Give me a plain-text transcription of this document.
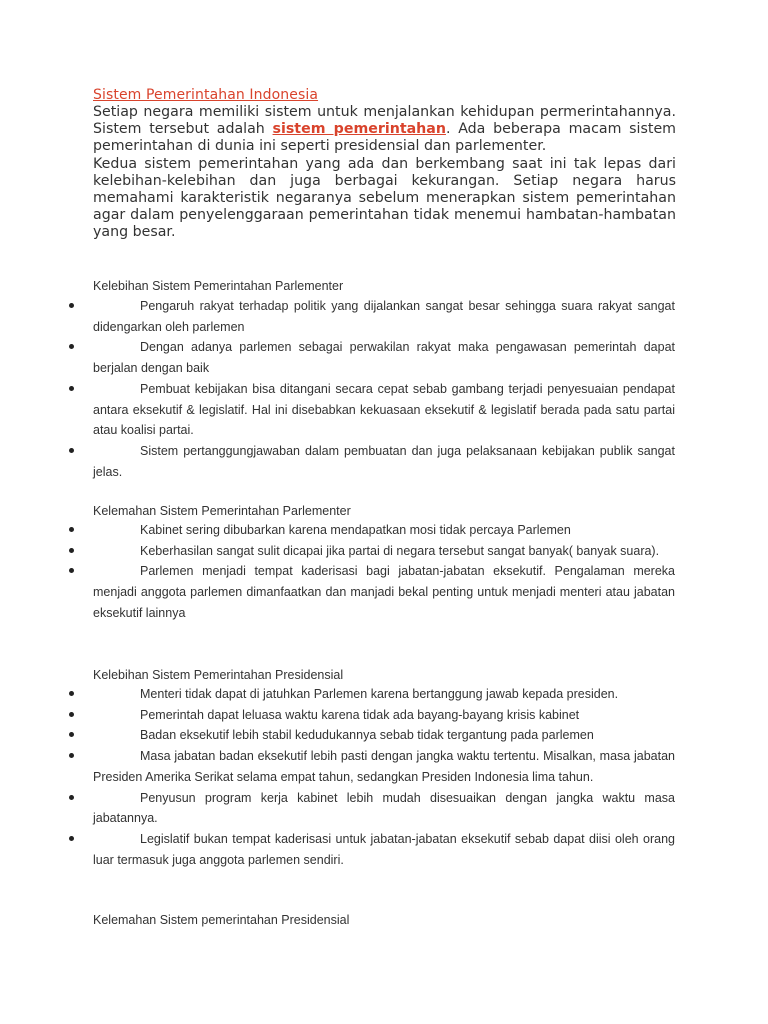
Sistem Pemerintahan Indonesia

Setiap negara memiliki sistem untuk menjalankan kehidupan permerintahannya. Sistem tersebut adalah sistem pemerintahan. Ada beberapa macam sistem pemerintahan di dunia ini seperti presidensial dan parlementer.

Kedua sistem pemerintahan yang ada dan berkembang saat ini tak lepas dari kelebihan-kelebihan dan juga berbagai kekurangan. Setiap negara harus memahami karakteristik negaranya sebelum menerapkan sistem pemerintahan agar dalam penyelenggaraan pemerintahan tidak menemui hambatan-hambatan yang besar.

Kelebihan Sistem Pemerintahan Parlementer
Pengaruh rakyat terhadap politik yang dijalankan sangat besar sehingga suara rakyat sangat didengarkan oleh parlemen
Dengan adanya parlemen sebagai perwakilan rakyat maka pengawasan pemerintah dapat berjalan dengan baik
Pembuat kebijakan bisa ditangani secara cepat sebab gambang terjadi penyesuaian pendapat antara eksekutif & legislatif. Hal ini disebabkan kekuasaan eksekutif & legislatif berada pada satu partai atau koalisi partai.
Sistem pertanggungjawaban dalam pembuatan dan juga pelaksanaan kebijakan publik sangat jelas.
Kelemahan Sistem Pemerintahan Parlementer
Kabinet sering dibubarkan karena mendapatkan mosi tidak percaya Parlemen
Keberhasilan sangat sulit dicapai jika partai di negara tersebut sangat banyak( banyak suara).
Parlemen menjadi tempat kaderisasi bagi jabatan-jabatan eksekutif. Pengalaman mereka menjadi anggota parlemen dimanfaatkan dan manjadi bekal penting untuk menjadi menteri atau jabatan eksekutif lainnya
Kelebihan Sistem Pemerintahan Presidensial
Menteri tidak dapat di jatuhkan Parlemen karena bertanggung jawab kepada presiden.
Pemerintah dapat leluasa waktu karena tidak ada bayang-bayang krisis kabinet
Badan eksekutif lebih stabil kedudukannya sebab tidak tergantung pada parlemen
Masa jabatan badan eksekutif lebih pasti dengan jangka waktu tertentu. Misalkan, masa jabatan Presiden Amerika Serikat selama empat tahun, sedangkan Presiden Indonesia lima tahun.
Penyusun program kerja kabinet lebih mudah disesuaikan dengan jangka waktu masa jabatannya.
Legislatif bukan tempat kaderisasi untuk jabatan-jabatan eksekutif sebab dapat diisi oleh orang luar termasuk juga anggota parlemen sendiri.
Kelemahan Sistem pemerintahan Presidensial
